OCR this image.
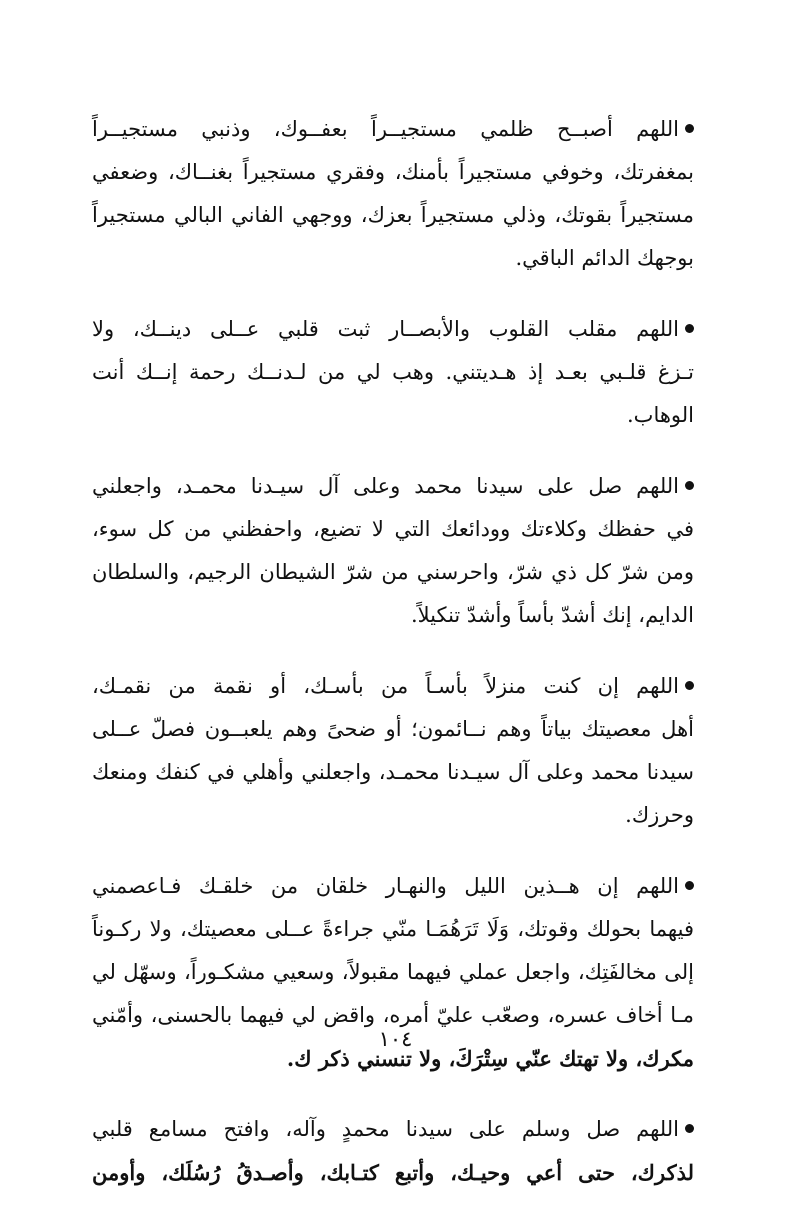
اللهم أصبــح ظلمي مستجيــراً بعفــوك، وذنبي مستجيــراً
بمغفرتك، وخوفي مستجيراً بأمنك، وفقري مستجيراً بغنــاك، وضعفي
مستجيراً بقوتك، وذلي مستجيراً بعزك، ووجهي الفاني البالي مستجيراً
بوجهك الدائم الباقي.

اللهم مقلب القلوب والأبصــار ثبت قلبي عــلى دينــك، ولا
تـزغ قلـبي بعـد إذ هـديتني. وهب لي من لـدنــك رحمة إنــك أنت
الوهاب.

اللهم صل على سيدنا محمد وعلى آل سيـدنا محمـد، واجعلني
في حفظك وكلاءتك وودائعك التي لا تضيع، واحفظني من كل سوء،
ومن شرّ كل ذي شرّ، واحرسني من شرّ الشيطان الرجيم، والسلطان
الدايم، إنك أشدّ بأساً وأشدّ تنكيلاً.

اللهم إن كنت منزلاً بأسـاً من بأسـك، أو نقمة من نقمـك،
أهل معصيتك بياتاً وهم نــائمون؛ أو ضحىً وهم يلعبــون فصلّ عــلى
سيدنا محمد وعلى آل سيـدنا محمـد، واجعلني وأهلي في كنفك ومنعك
وحرزك.

اللهم إن هــذين الليل والنهـار خلقان من خلقـك فـاعصمني
فيهما بحولك وقوتك، وَلَا تَرَهُمَـا منّي جراءةً عــلى معصيتك، ولا ركـوناً
إلى مخالفَتِك، واجعل عملي فيهما مقبولاً، وسعيي مشكـوراً، وسهّل لي
مـا أخاف عسره، وصعّب عليّ أمره، واقض لي فيهما بالحسنى، وأمّني
مكرك، ولا تهتك عنّي سِتْرَكَ، ولا تنسني ذكر ك.

اللهم صل وسلم على سيدنا محمدٍ وآله، وافتح مسامع قلبي
لذكرك، حتى أعي وحيـك، وأتبع كتـابك، وأصـدقُ رُسُلَك، وأومن

١٠٤
